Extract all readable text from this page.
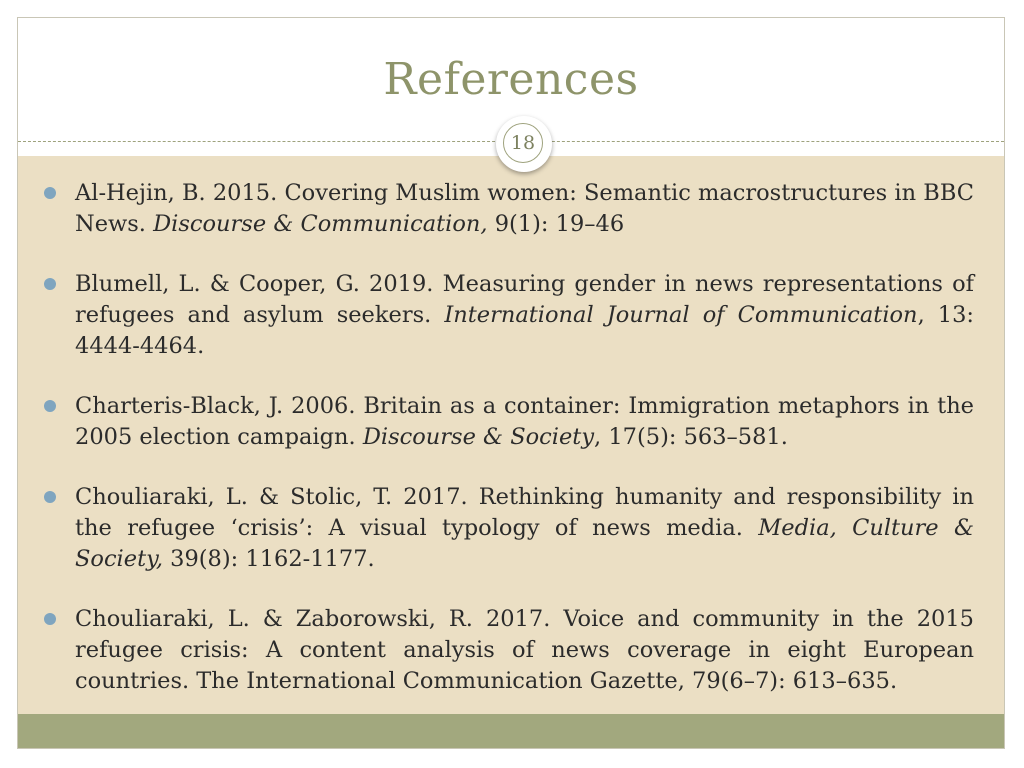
References
18
Al-Hejin, B. 2015. Covering Muslim women: Semantic macrostructures in BBC News. Discourse & Communication, 9(1): 19–46
Blumell, L. & Cooper, G. 2019. Measuring gender in news representations of refugees and asylum seekers. International Journal of Communication, 13: 4444-4464.
Charteris-Black, J. 2006. Britain as a container: Immigration metaphors in the 2005 election campaign. Discourse & Society, 17(5): 563–581.
Chouliaraki, L. & Stolic, T. 2017. Rethinking humanity and responsibility in the refugee ‘crisis’: A visual typology of news media. Media, Culture & Society, 39(8): 1162-1177.
Chouliaraki, L. & Zaborowski, R. 2017. Voice and community in the 2015 refugee crisis: A content analysis of news coverage in eight European countries. The International Communication Gazette, 79(6–7): 613–635.
